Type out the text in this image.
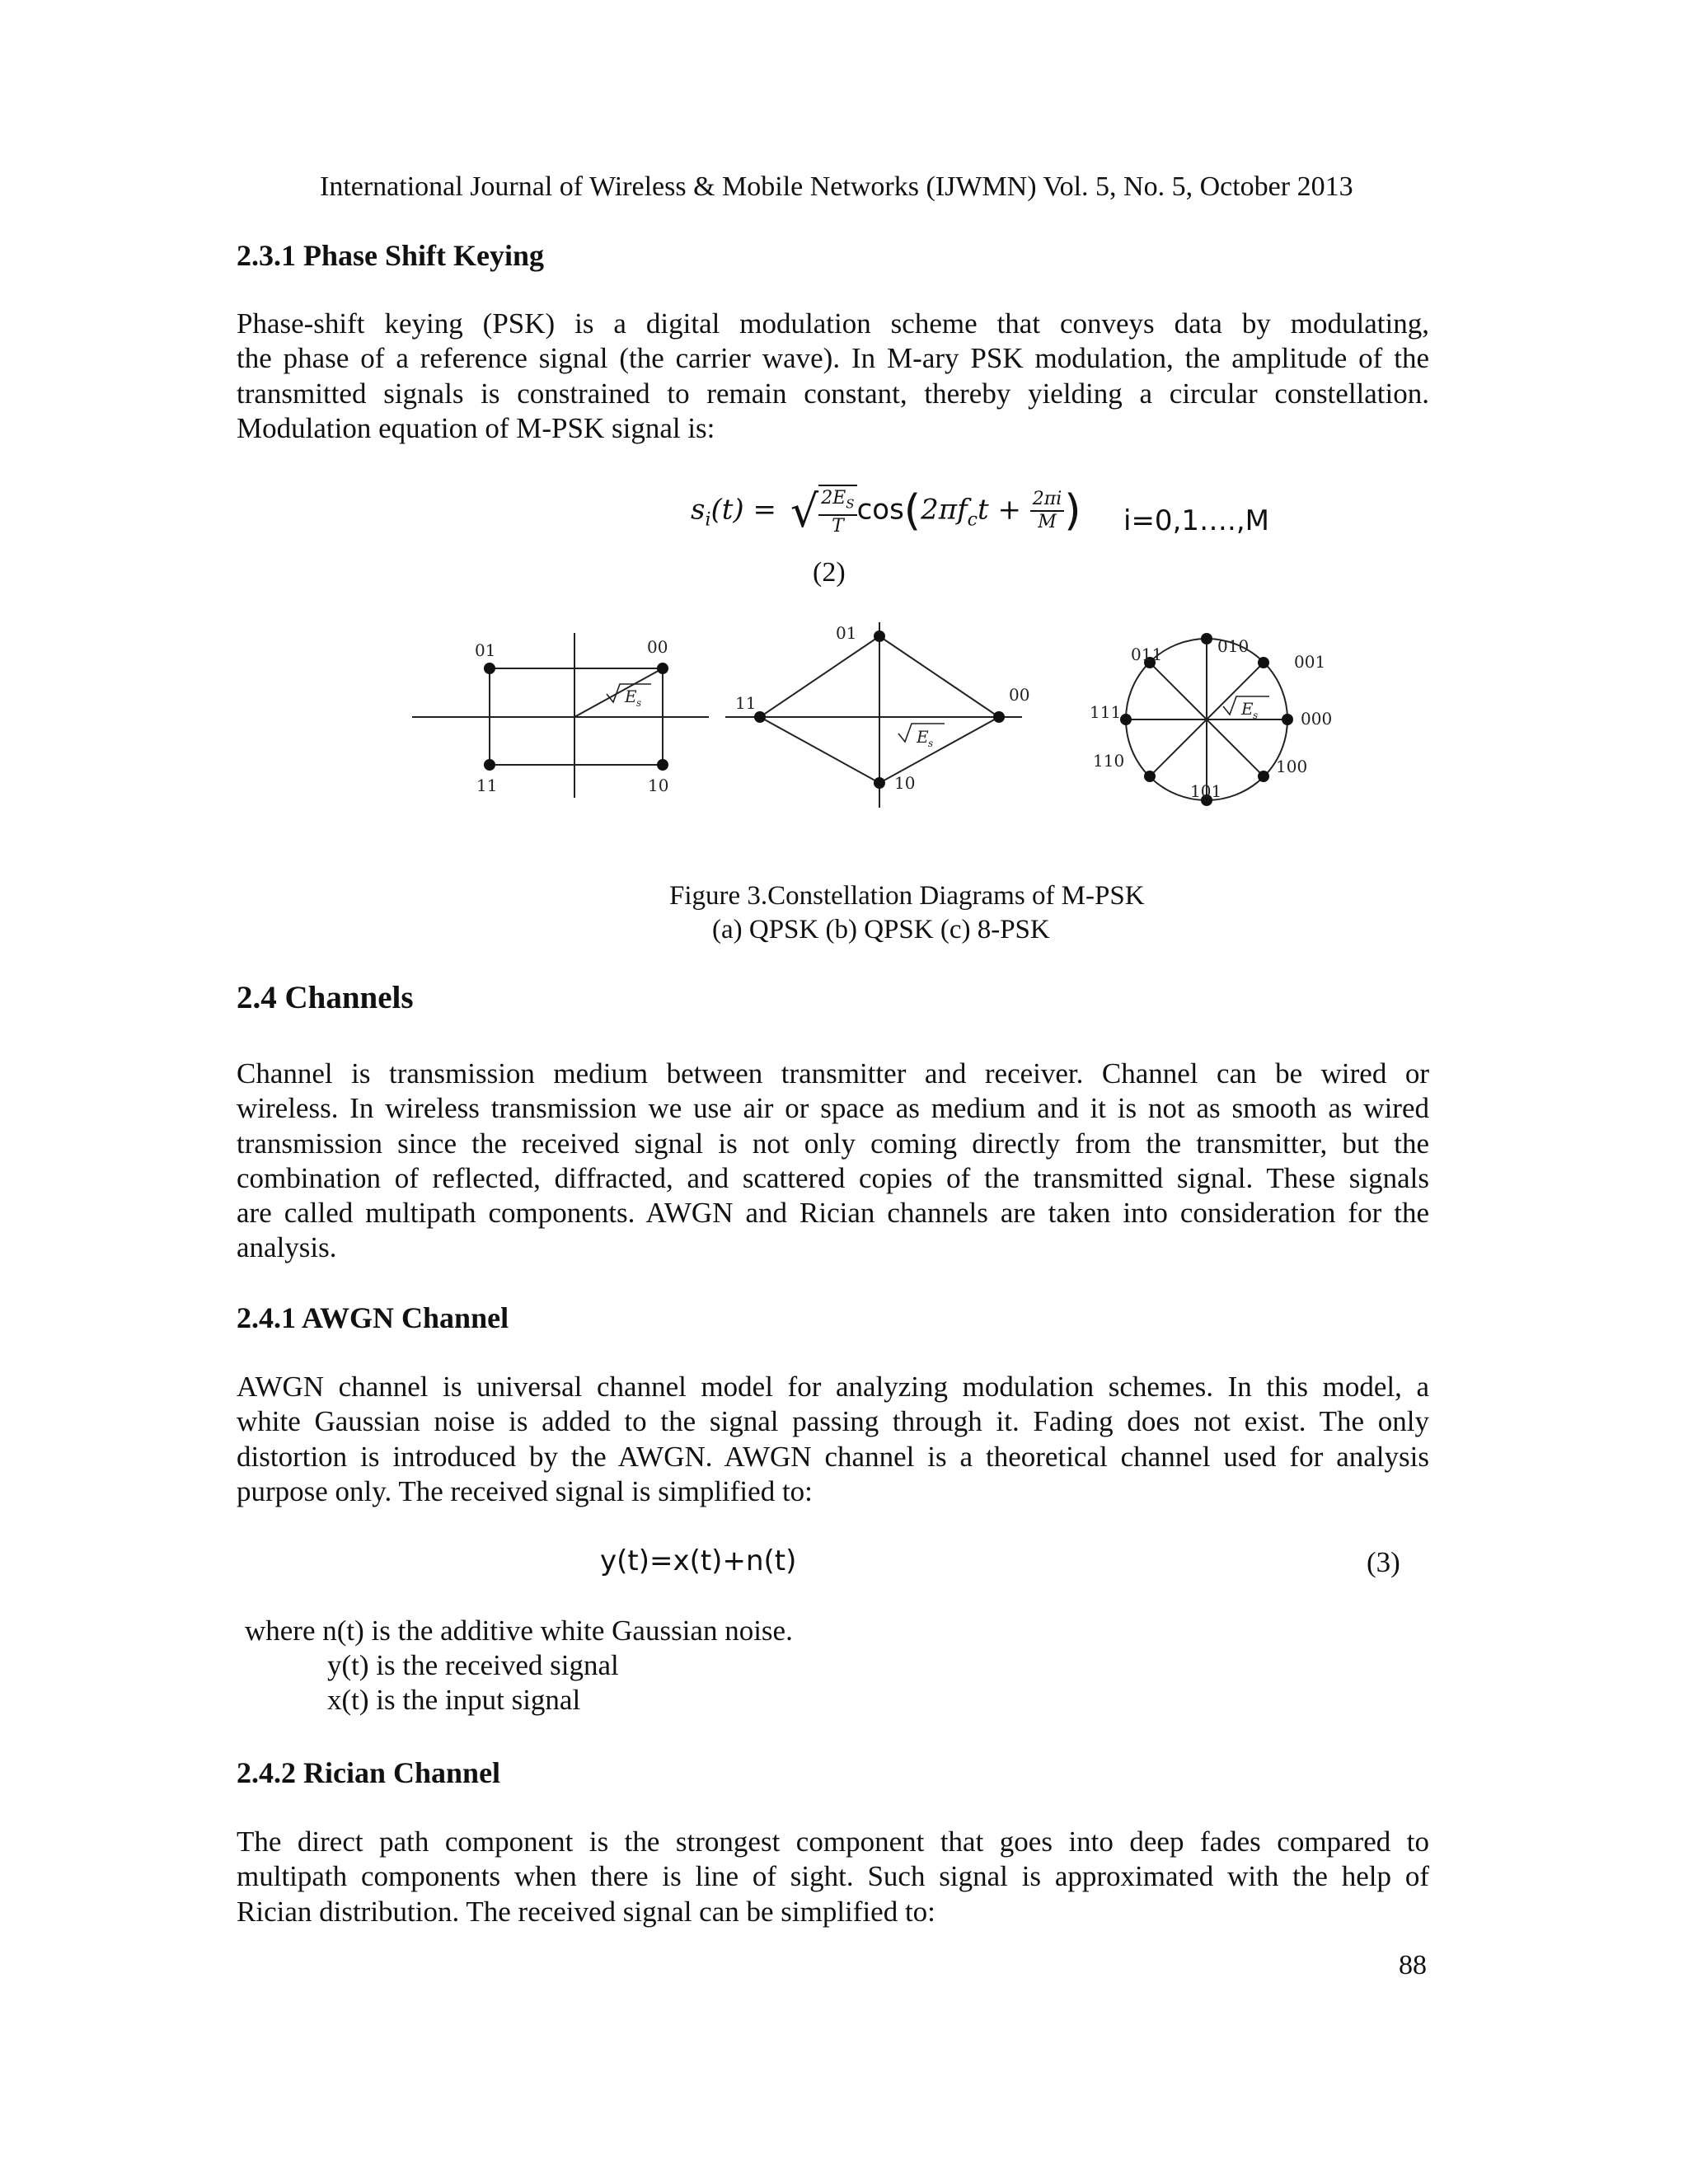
International Journal of Wireless & Mobile Networks (IJWMN) Vol. 5, No. 5, October 2013
2.3.1 Phase Shift Keying
Phase-shift keying (PSK) is a digital modulation scheme that conveys data by modulating,
the phase of a reference signal (the carrier wave). In M-ary PSK modulation, the amplitude of the
transmitted signals is constrained to remain constant, thereby yielding a circular constellation.
Modulation equation of M-PSK signal is:
$s_i(t)$ = √ $\frac{2E_S}{T} \cos(2\pi f_ct + \frac{2\pi i}{M}$ ) i=0,1….,M
(2)
01	00
11	10
E s
01
00
11
10
E s
011	010
001
000
111
110
101
100
E s
Figure 3.Constellation Diagrams of M-PSK
(a) QPSK (b) QPSK (c) 8-PSK
2.4 Channels
Channel is transmission medium between transmitter and receiver. Channel can be wired or
wireless. In wireless transmission we use air or space as medium and it is not as smooth as wired
transmission since the received signal is not only coming directly from the transmitter, but the
combination of reflected, diffracted, and scattered copies of the transmitted signal. These signals
are called multipath components. AWGN and Rician channels are taken into consideration for the
analysis.
2.4.1 AWGN Channel
AWGN channel is universal channel model for analyzing modulation schemes. In this model, a
white Gaussian noise is added to the signal passing through it. Fading does not exist. The only
distortion is introduced by the AWGN. AWGN channel is a theoretical channel used for analysis
purpose only. The received signal is simplified to:
y(t)=x(t)+n(t)	(3)
where n(t) is the additive white Gaussian noise.
y(t) is the received signal
x(t) is the input signal
2.4.2 Rician Channel
The direct path component is the strongest component that goes into deep fades compared to
multipath components when there is line of sight. Such signal is approximated with the help of
Rician distribution. The received signal can be simplified to:
88
